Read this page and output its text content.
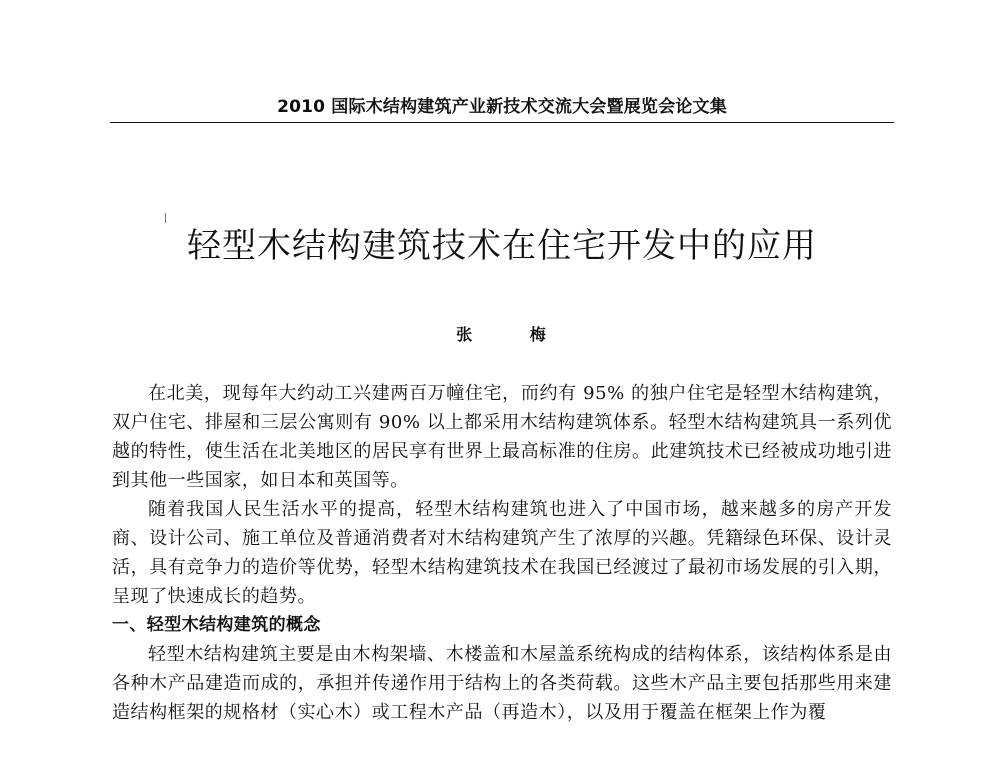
2010 国际木结构建筑产业新技术交流大会暨展览会论文集
轻型木结构建筑技术在住宅开发中的应用
张 梅

在北美，现每年大约动工兴建两百万幢住宅，而约有 95% 的独户住宅是轻型木结构建筑，双户住宅、排屋和三层公寓则有 90% 以上都采用木结构建筑体系。轻型木结构建筑具一系列优越的特性，使生活在北美地区的居民享有世界上最高标准的住房。此建筑技术已经被成功地引进到其他一些国家，如日本和英国等。

随着我国人民生活水平的提高，轻型木结构建筑也进入了中国市场，越来越多的房产开发商、设计公司、施工单位及普通消费者对木结构建筑产生了浓厚的兴趣。凭籍绿色环保、设计灵活，具有竞争力的造价等优势，轻型木结构建筑技术在我国已经渡过了最初市场发展的引入期，呈现了快速成长的趋势。

一、轻型木结构建筑的概念

轻型木结构建筑主要是由木构架墙、木楼盖和木屋盖系统构成的结构体系，该结构体系是由各种木产品建造而成的，承担并传递作用于结构上的各类荷载。这些木产品主要包括那些用来建造结构框架的规格材（实心木）或工程木产品（再造木），以及用于覆盖在框架上作为覆
